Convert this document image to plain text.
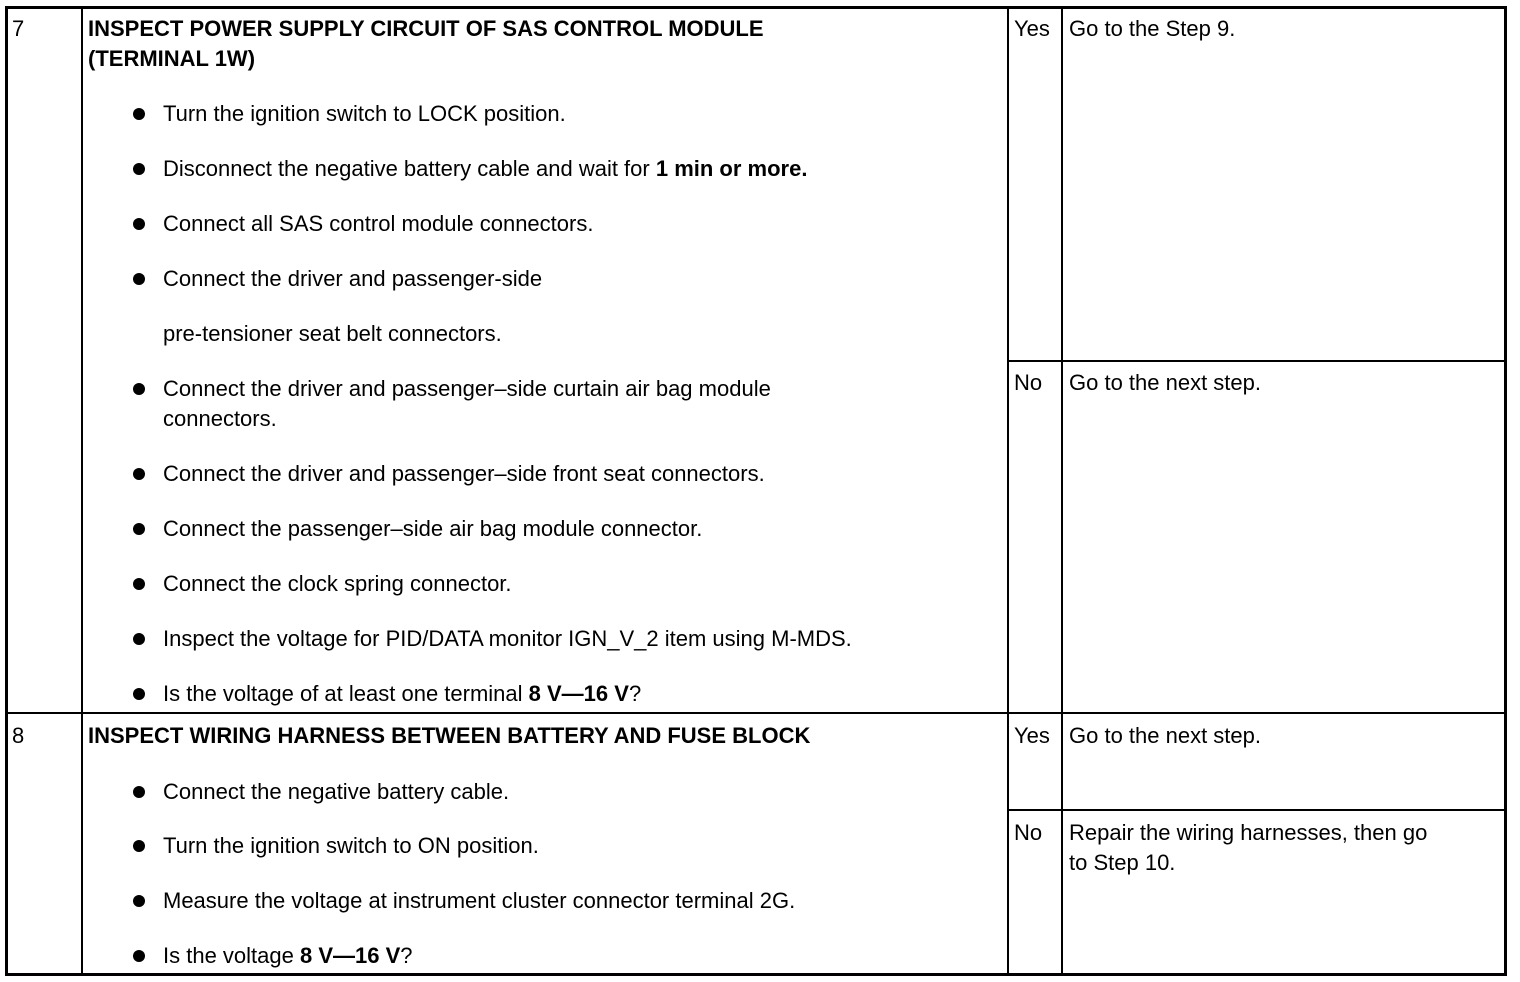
7	INSPECT POWER SUPPLY CIRCUIT OF SAS CONTROL MODULE
(TERMINAL 1W)
Turn the ignition switch to LOCK position.
Disconnect the negative battery cable and wait for 1 min or more.
Connect all SAS control module connectors.
Connect the driver and passenger-side
pre-tensioner seat belt connectors.
Connect the driver and passenger–side curtain air bag module
connectors.
Connect the driver and passenger–side front seat connectors.
Connect the passenger–side air bag module connector.
Connect the clock spring connector.
Inspect the voltage for PID/DATA monitor IGN_V_2 item using M-MDS.
Is the voltage of at least one terminal 8 V—16 V?
Yes Go to the Step 9.
No Go to the next step.
8	INSPECT WIRING HARNESS BETWEEN BATTERY AND FUSE BLOCK
Connect the negative battery cable.
Turn the ignition switch to ON position.
Measure the voltage at instrument cluster connector terminal 2G.
Is the voltage 8 V—16 V?
Yes Go to the next step.
No Repair the wiring harnesses, then go
to Step 10.
